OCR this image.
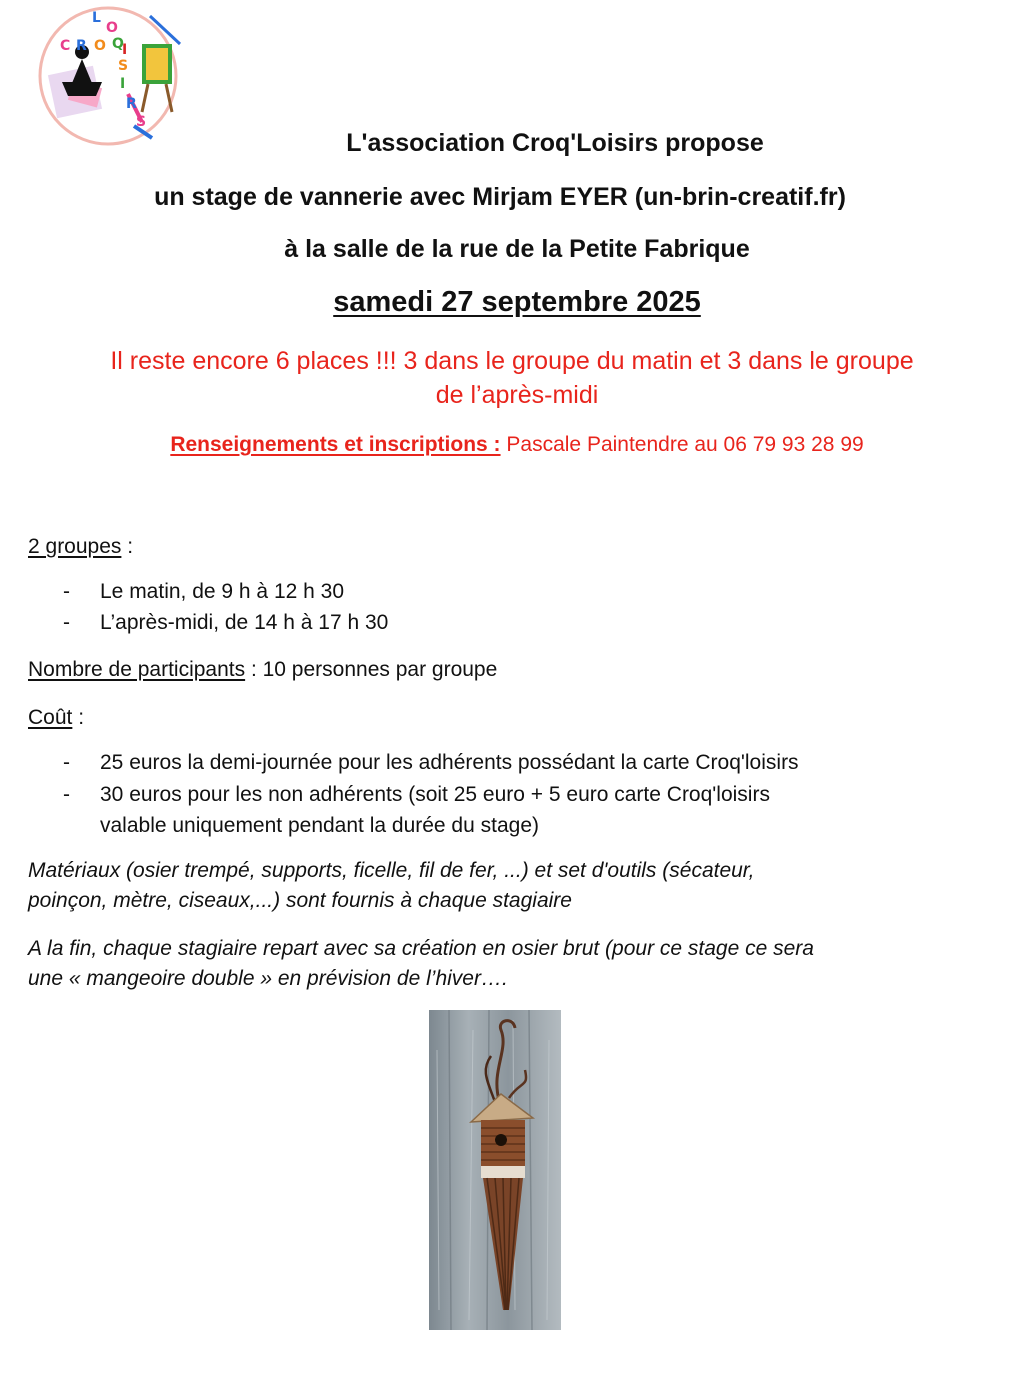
C R O Q
L
O
I
S
I
R
S
L'association Croq'Loisirs propose
un stage de vannerie avec Mirjam EYER (un-brin-creatif.fr)
à la salle de la rue de la Petite Fabrique
samedi 27 septembre 2025
Il reste encore 6 places !!! 3 dans le groupe du matin et 3 dans le groupe
de l’après-midi
Renseignements et inscriptions : Pascale Paintendre au 06 79 93 28 99
2 groupes :
- Le matin, de 9 h à 12 h 30
- L’après-midi, de 14 h à 17 h 30
Nombre de participants : 10 personnes par groupe
Coût :
- 25 euros la demi-journée pour les adhérents possédant la carte Croq'loisirs
- 30 euros pour les non adhérents (soit 25 euro + 5 euro carte Croq'loisirs
valable uniquement pendant la durée du stage)
Matériaux (osier trempé, supports, ficelle, fil de fer, ...) et set d'outils (sécateur,
poinçon, mètre, ciseaux,...) sont fournis à chaque stagiaire
A la fin, chaque stagiaire repart avec sa création en osier brut (pour ce stage ce sera
une « mangeoire double » en prévision de l’hiver….
